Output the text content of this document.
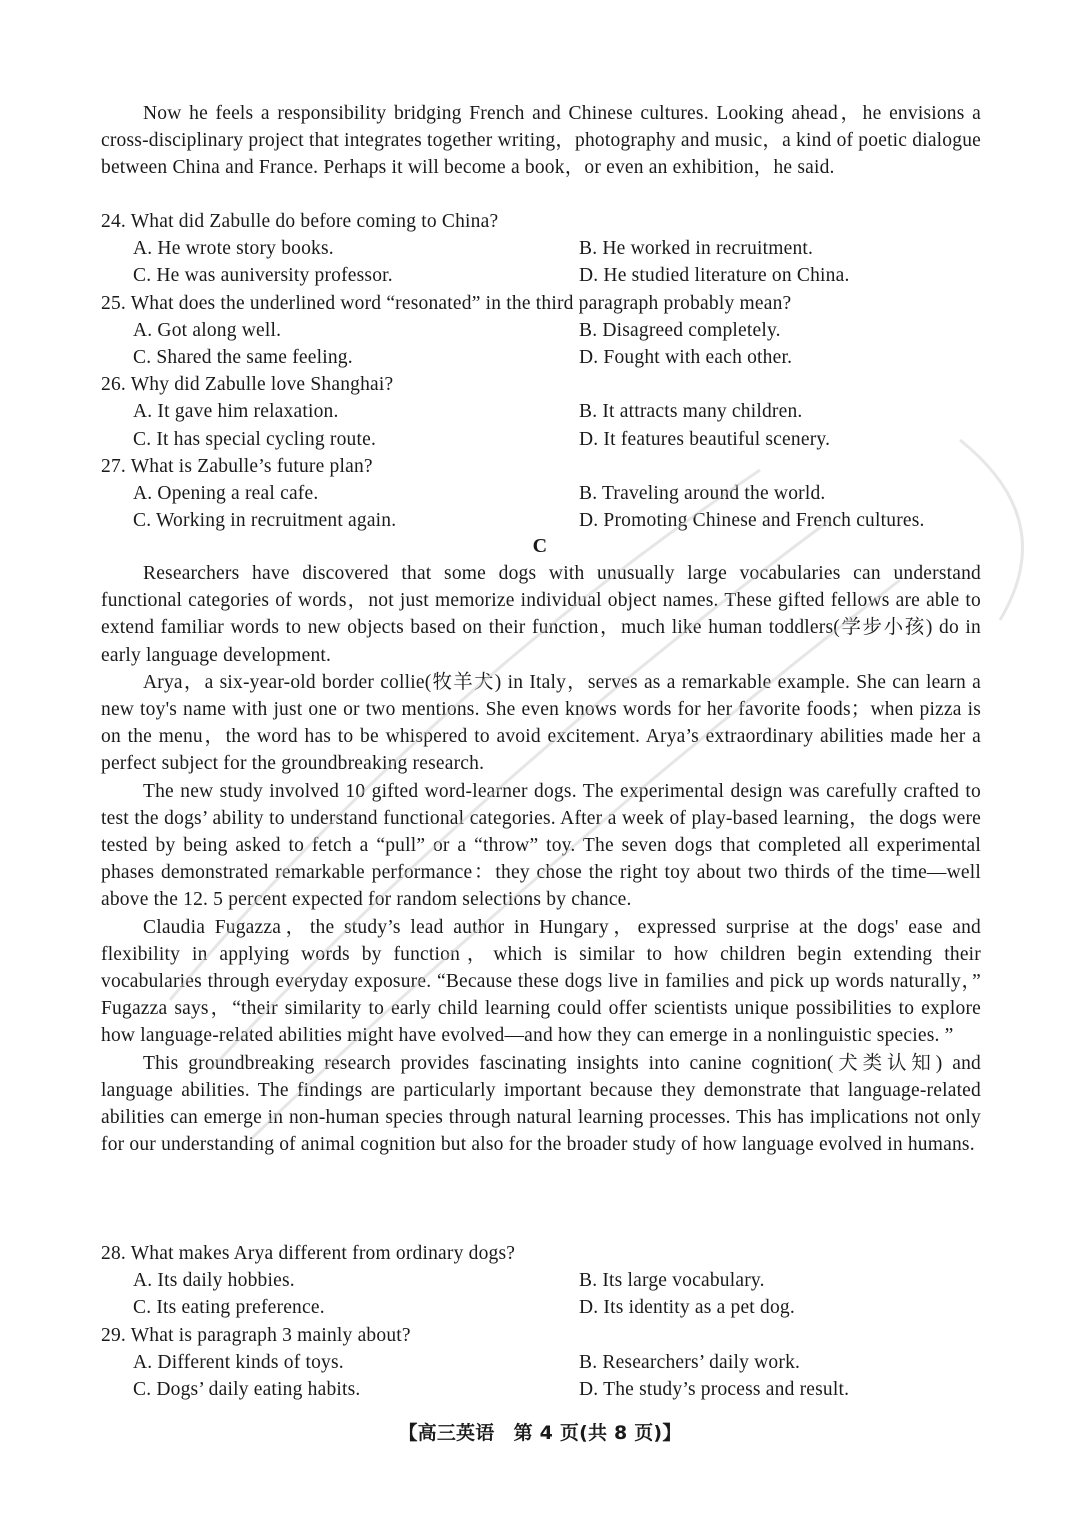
Now he feels a responsibility bridging French and Chinese cultures. Looking ahead，he envisions a cross-disciplinary project that integrates together writing，photography and music，a kind of poetic dialogue between China and France. Perhaps it will become a book，or even an exhibition，he said.

24. What did Zabulle do before coming to China?

A. He wrote story books.	B. He worked in recruitment.
C. He was auniversity professor.	D. He studied literature on China.

25. What does the underlined word “resonated” in the third paragraph probably mean?

A. Got along well.	B. Disagreed completely.
C. Shared the same feeling.	D. Fought with each other.

26. Why did Zabulle love Shanghai?

A. It gave him relaxation.	B. It attracts many children.
C. It has special cycling route.	D. It features beautiful scenery.

27. What is Zabulle’s future plan?

A. Opening a real cafe.	B. Traveling around the world.
C. Working in recruitment again.	D. Promoting Chinese and French cultures.
C

Researchers have discovered that some dogs with unusually large vocabularies can understand functional categories of words，not just memorize individual object names. These gifted fellows are able to extend familiar words to new objects based on their function，much like human toddlers(学步小孩) do in early language development.

Arya，a six-year-old border collie(牧羊犬) in Italy，serves as a remarkable example. She can learn a new toy's name with just one or two mentions. She even knows words for her favorite foods；when pizza is on the menu，the word has to be whispered to avoid excitement. Arya’s extraordinary abilities made her a perfect subject for the groundbreaking research.

The new study involved 10 gifted word-learner dogs. The experimental design was carefully crafted to test the dogs’ ability to understand functional categories. After a week of play-based learning，the dogs were tested by being asked to fetch a “pull” or a “throw” toy. The seven dogs that completed all experimental phases demonstrated remarkable performance：they chose the right toy about two thirds of the time—well above the 12. 5 percent expected for random selections by chance.

Claudia Fugazza，the study’s lead author in Hungary，expressed surprise at the dogs' ease and flexibility in applying words by function，which is similar to how children begin extending their vocabularies through everyday exposure. “Because these dogs live in families and pick up words naturally，” Fugazza says，“their similarity to early child learning could offer scientists unique possibilities to explore how language-related abilities might have evolved—and how they can emerge in a nonlinguistic species. ”

This groundbreaking research provides fascinating insights into canine cognition(犬类认知) and language abilities. The findings are particularly important because they demonstrate that language-related abilities can emerge in non-human species through natural learning processes. This has implications not only for our understanding of animal cognition but also for the broader study of how language evolved in humans.

28. What makes Arya different from ordinary dogs?

A. Its daily hobbies.	B. Its large vocabulary.
C. Its eating preference.	D. Its identity as a pet dog.

29. What is paragraph 3 mainly about?

A. Different kinds of toys.	B. Researchers’ daily work.
C. Dogs’ daily eating habits.	D. The study’s process and result.
【高三英语　第 4 页(共 8 页)】
